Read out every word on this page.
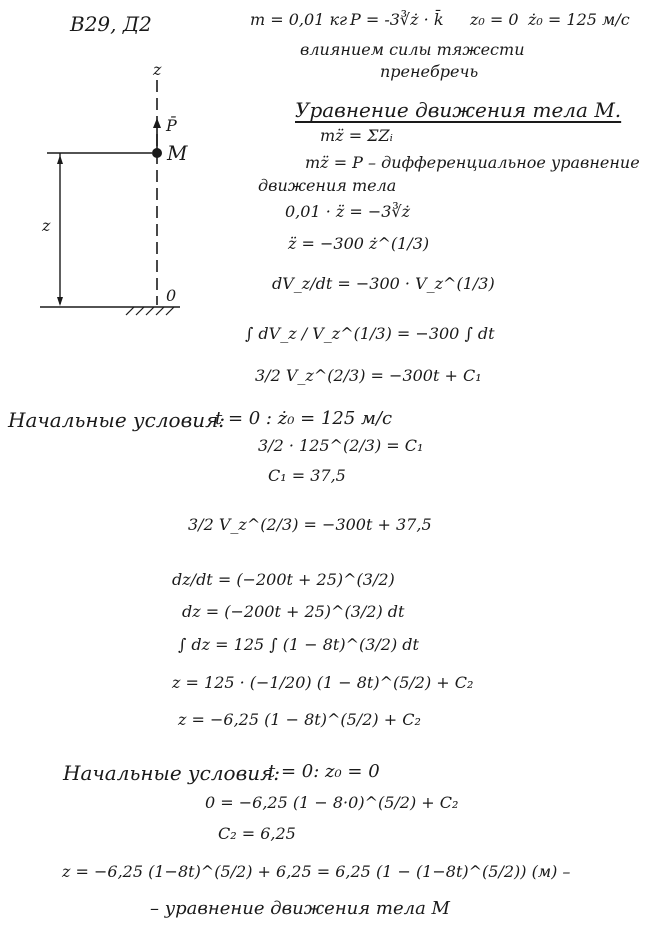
В29, Д2	m = 0,01 кг P = -3∛ż · k̄ z₀ = 0 ż₀ = 125 м/с
влиянием силы тяжести
пренебречь
z
P̄
M
z
0
Уравнение движения тела M.
mz̈ = ΣZᵢ
mz̈ = P – дифференциальное уравнение
движения тела
0,01 · z̈ = −3∛ż
z̈ = −300 ż^(1/3)
dV_z/dt = −300 · V_z^(1/3)
∫ dV_z / V_z^(1/3) = −300 ∫ dt
3/2 V_z^(2/3) = −300t + C₁
Начальные условия:
t = 0 : ż₀ = 125 м/с
3/2 · 125^(2/3) = C₁
C₁ = 37,5
3/2 V_z^(2/3) = −300t + 37,5
dz/dt = (−200t + 25)^(3/2)
dz = (−200t + 25)^(3/2) dt
∫ dz = 125 ∫ (1 − 8t)^(3/2) dt
z = 125 · (−1/20) (1 − 8t)^(5/2) + C₂
z = −6,25 (1 − 8t)^(5/2) + C₂
Начальные условия:
t = 0: z₀ = 0
0 = −6,25 (1 − 8·0)^(5/2) + C₂
C₂ = 6,25
z = −6,25 (1−8t)^(5/2) + 6,25 = 6,25 (1 − (1−8t)^(5/2)) (м) –
– уравнение движения тела M
